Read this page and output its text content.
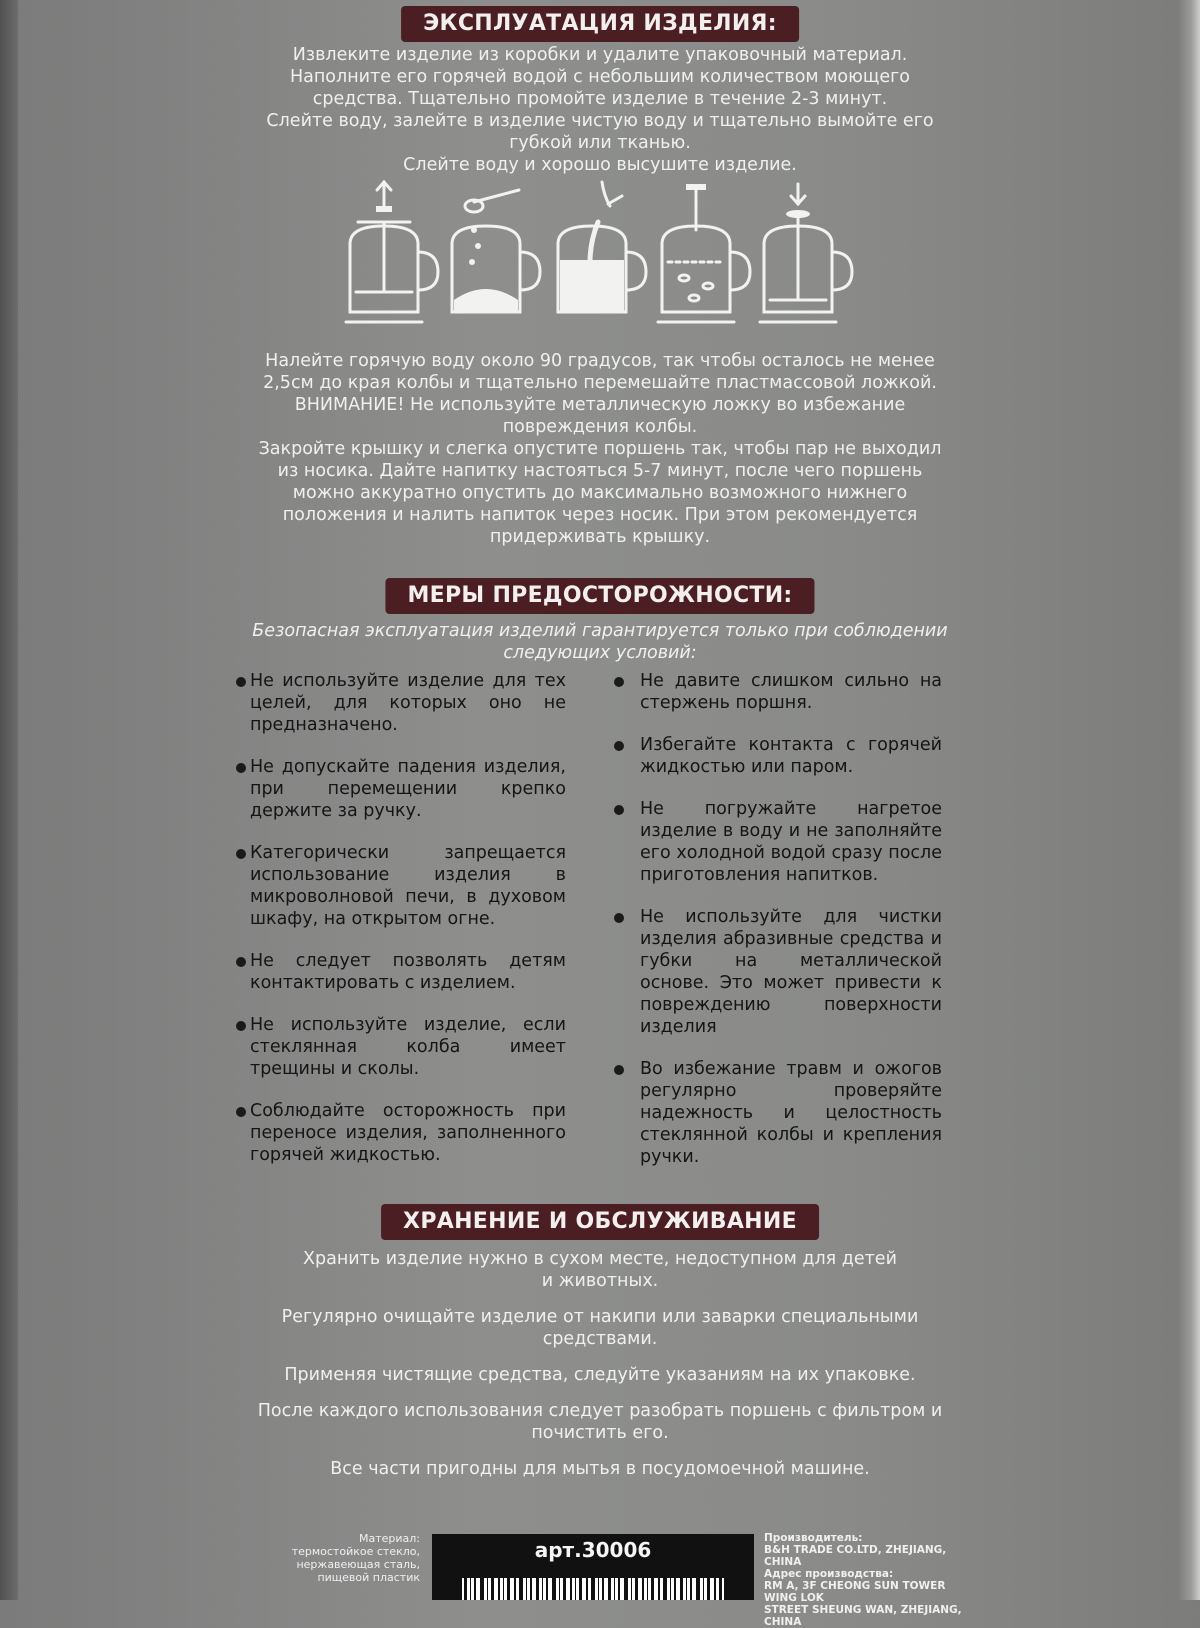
ЭКСПЛУАТАЦИЯ ИЗДЕЛИЯ:

Извлеките изделие из коробки и удалите упаковочный материал.

Наполните его горячей водой с небольшим количеством моющего

средства. Тщательно промойте изделие в течение 2-3 минут.

Слейте воду, залейте в изделие чистую воду и тщательно вымойте его

губкой или тканью.

Слейте воду и хорошо высушите изделие.

Налейте горячую воду около 90 градусов, так чтобы осталось не менее

2,5см до края колбы и тщательно перемешайте пластмассовой ложкой.

ВНИМАНИЕ! Не используйте металлическую ложку во избежание

повреждения колбы.

Закройте крышку и слегка опустите поршень так, чтобы пар не выходил

из носика. Дайте напитку настояться 5-7 минут, после чего поршень

можно аккуратно опустить до максимально возможного нижнего

положения и налить напиток через носик. При этом рекомендуется

придерживать крышку.

МЕРЫ ПРЕДОСТОРОЖНОСТИ:

Безопасная эксплуатация изделий гарантируется только при соблюдении

следующих условий:

Не используйте изделие для тех целей, для которых оно не предназначено.
Не допускайте падения изделия, при перемещении крепко держите за ручку.
Категорически запрещается использование изделия в микроволновой печи, в духовом шкафу, на открытом огне.
Не следует позволять детям контактировать с изделием.
Не используйте изделие, если стеклянная колба имеет трещины и сколы.
Соблюдайте осторожность при переносе изделия, заполненного горячей жидкостью.
Не давите слишком сильно на стержень поршня.
Избегайте контакта с горячей жидкостью или паром.
Не погружайте нагретое изделие в воду и не заполняйте его холодной водой сразу после приготовления напитков.
Не используйте для чистки изделия абразивные средства и губки на металлической основе. Это может привести к повреждению поверхности изделия
Во избежание травм и ожогов регулярно проверяйте надежность и целостность стеклянной колбы и крепления ручки.
ХРАНЕНИЕ И ОБСЛУЖИВАНИЕ

Хранить изделие нужно в сухом месте, недоступном для детей
и животных.

Регулярно очищайте изделие от накипи или заварки специальными
средствами.

Применяя чистящие средства, следуйте указаниям на их упаковке.

После каждого использования следует разобрать поршень с фильтром и
почистить его.

Все части пригодны для мытья в посудомоечной машине.

Материал:
термостойкое стекло,
нержавеющая сталь,
пищевой пластик
арт.30006	Производитель:
B&H TRADE CO.LTD, ZHEJIANG, CHINA
Адрес производства:
RM A, 3F CHEONG SUN TOWER WING LOK
STREET SHEUNG WAN, ZHEJIANG, CHINA
